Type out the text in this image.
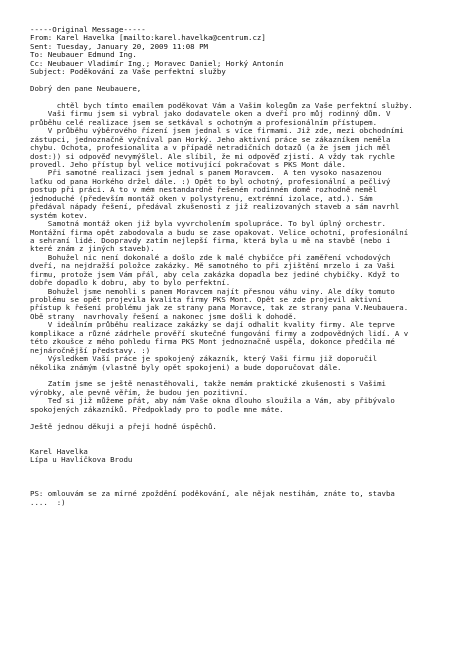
-----Original Message-----
From: Karel Havelka [mailto:karel.havelka@centrum.cz]
Sent: Tuesday, January 20, 2009 11:08 PM
To: Neubauer Edmund Ing.
Cc: Neubauer Vladimír Ing.; Moravec Daniel; Horký Antonín
Subject: Poděkování za Vaše perfektní služby
Dobrý den pane Neubauere,
chtěl bych tímto emailem poděkovat Vám a Vašim kolegům za Vaše perfektní služby.
Vaši firmu jsem si vybral jako dodavatele oken a dveří pro můj rodinný dům. V
průběhu celé realizace jsem se setkával s ochotným a profesionálním přístupem.
V průběhu výběrového řízení jsem jednal s více firmami. Již zde, mezi obchodními
zástupci, jednoznačně vyčníval pan Horký. Jeho aktivní práce se zákazníkem neměla
chybu. Ochota, profesionalita a v případě netradičních dotazů (a že jsem jich měl
dost:)) si odpověď nevymýšlel. Ale slíbil, že mi odpověď zjistí. A vždy tak rychle
provedl. Jeho přístup byl velice motivující pokračovat s PKS Mont dále.
Při samotné realizaci jsem jednal s panem Moravcem.  A ten vysoko nasazenou
laťku od pana Horkého držel dále. :) Opět to byl ochotný, profesionální a pečlivý
postup při práci. A to v mém nestandardně řešeném rodinném domě rozhodně neměl
jednoduché (především montáž oken v polystyrenu, extrémní izolace, atd.). Sám
předával nápady řešení, předával zkušenosti z již realizovaných staveb a sám navrhl
systém kotev.
Samotná montáž oken již byla vyvrcholením spolupráce. To byl úplný orchestr.
Montážní firma opět zabodovala a budu se zase opakovat. Velice ochotní, profesionální
a sehraní lidé. Doopravdy zatím nejlepší firma, která byla u mě na stavbě (nebo i
které znám z jiných staveb).
Bohužel nic není dokonalé a došlo zde k malé chybičce při zaměření vchodových
dveří, na nejdražší položce zakázky. Mě samotného to při zjištění mrzelo i za Vaši
firmu, protože jsem Vám přál, aby cela zakázka dopadla bez jediné chybičky. Když to
dobře dopadlo k dobru, aby to bylo perfektní.
Bohužel jsme nemohli s panem Moravcem najít přesnou váhu viny. Ale díky tomuto
problému se opět projevila kvalita firmy PKS Mont. Opět se zde projevil aktivní
přístup k řešení problému jak ze strany pana Moravce, tak ze strany pana V.Neubauera.
Obě strany  navrhovaly řešení a nakonec jsme došli k dohodě.
V ideálním průběhu realizace zakázky se dají odhalit kvality firmy. Ale teprve
komplikace a různé zádrhele prověří skutečné fungování firmy a zodpovědných lidí. A v
této zkoušce z mého pohledu firma PKS Mont jednoznačně uspěla, dokonce předčila mé
nejnáročnější představy. :)
Výsledkem Vaší práce je spokojený zákazník, který Vaši firmu již doporučil
několika známým (vlastně byly opět spokojeni) a bude doporučovat dále.
Zatím jsme se ještě nenastěhovali, takže nemám praktické zkušenosti s Vašimi
výrobky, ale pevně věřím, že budou jen pozitivní.
Teď si již můžeme přát, aby nám Vaše okna dlouho sloužila a Vám, aby přibývalo
spokojených zákazníků. Předpoklady pro to podle mne máte.
Ještě jednou děkuji a přeji hodně úspěchů.
Karel Havelka
Lípa u Havlíčkova Brodu
PS: omlouvám se za mírné zpoždění poděkování, ale nějak nestíhám, znáte to, stavba
....  :)
